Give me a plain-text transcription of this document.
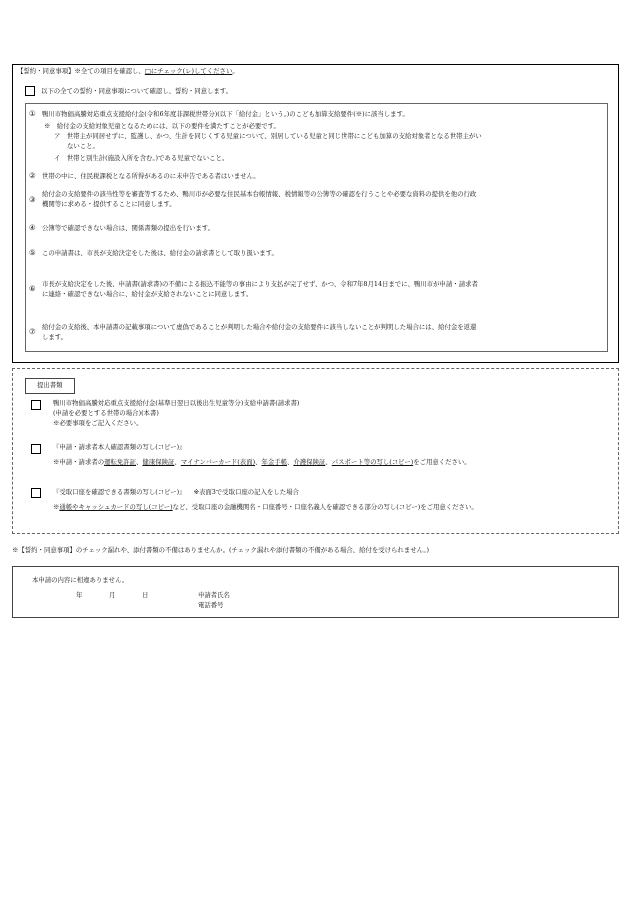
【誓約・同意事項】※全ての項目を確認し、□にチェック(レ)してください。
以下の全ての誓約・同意事項について確認し、誓約・同意します。
① 鴨川市物価高騰対応重点支援給付金(令和6年度非課税世帯分)(以下「給付金」という。)のこども加算支給要件(※)に該当します。
※　給付金の支給対象児童となるためには、以下の要件を満たすことが必要です。
ア　世帯主が同居せずに、監護し、かつ、生計を同じくする児童について、別居している児童と同じ世帯にこども加算の支給対象者となる世帯主がい
ないこと。
イ　世帯と別生計(施設入所を含む。)である児童でないこと。
② 世帯の中に、住民税課税となる所得があるのに未申告である者はいません。
③
給付金の支給要件の該当性等を審査等するため、鴨川市が必要な住民基本台帳情報、税情報等の公簿等の確認を行うことや必要な資料の提供を他の行政
機関等に求める・提供することに同意します。
④ 公簿等で確認できない場合は、関係書類の提出を行います。
⑤ この申請書は、市長が支給決定をした後は、給付金の請求書として取り扱います。
⑥ 市長が支給決定をした後、申請書(請求書)の不備による振込不能等の事由により支払が完了せず、かつ、令和7年8月14日までに、鴨川市が申請・請求者
に連絡・確認できない場合に、給付金が支給されないことに同意します。
⑦ 給付金の支給後、本申請書の記載事項について虚偽であることが判明した場合や給付金の支給要件に該当しないことが判明した場合には、給付金を返還
します。
提出書類
鴨川市物価高騰対応重点支援給付金(基準日翌日以後出生児童等分)支給申請書(請求書)
(申請を必要とする世帯の場合)(本書)
※必要事項をご記入ください。
『申請・請求者本人確認書類の写し(コピー)』
※申請・請求者の運転免許証、健康保険証、マイナンバーカード(表面)、年金手帳、介護保険証、パスポート等の写し(コピー)をご用意ください。
『受取口座を確認できる書類の写し(コピー)』 ※表面3で受取口座の記入をした場合
※通帳やキャッシュカードの写し(コピー)など、受取口座の金融機関名・口座番号・口座名義人を確認できる部分の写し(コピー)をご用意ください。
※【誓約・同意事項】のチェック漏れや、添付書類の不備はありませんか。(チェック漏れや添付書類の不備がある場合、給付を受けられません。)
本申請の内容に相違ありません。
年	月	日	申請者氏名
電話番号
